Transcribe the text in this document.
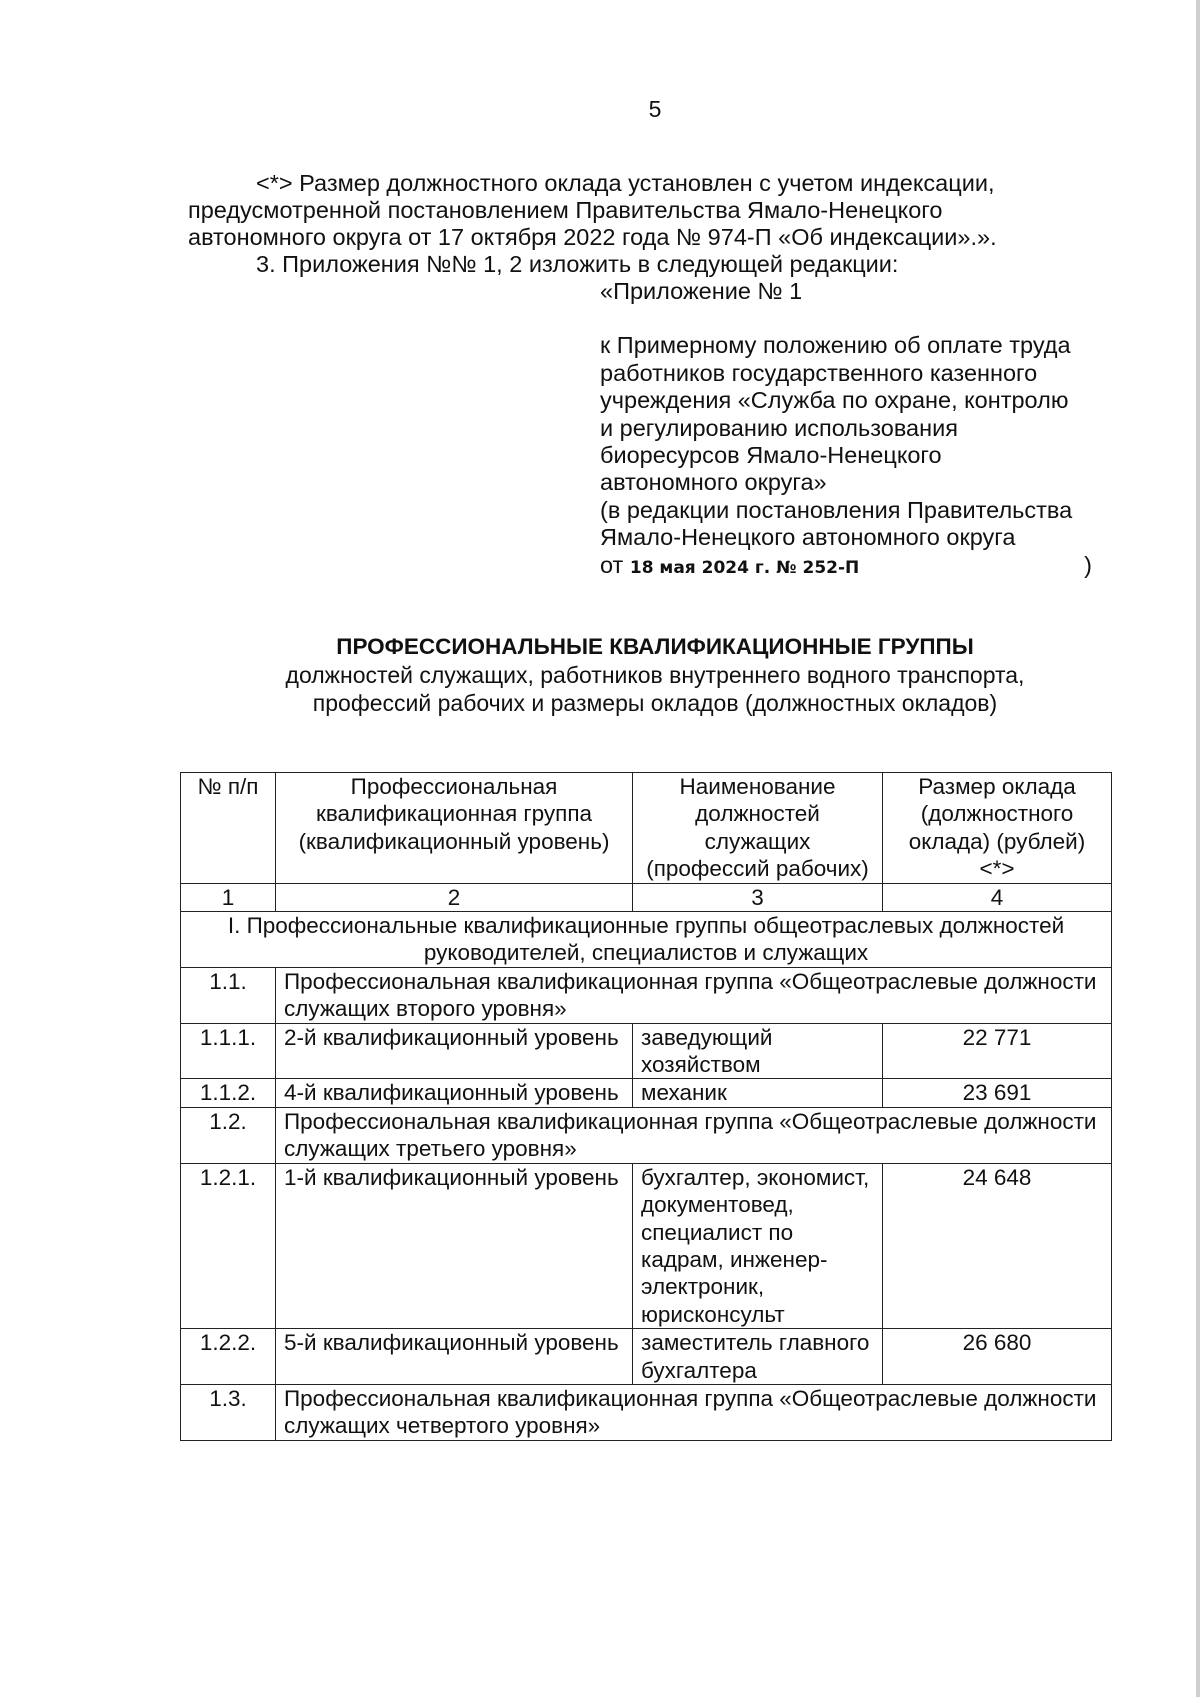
5

<*> Размер должностного оклада установлен с учетом индексации,

предусмотренной постановлением Правительства Ямало-Ненецкого

автономного округа от 17 октября 2022 года № 974-П «Об индексации».».

3. Приложения №№ 1, 2 изложить в следующей редакции:
«Приложение № 1
к Примерному положению об оплате труда
работников государственного казенного
учреждения «Служба по охране, контролю
и регулированию использования
биоресурсов Ямало-Ненецкого
автономного округа»
(в редакции постановления Правительства
Ямало-Ненецкого автономного округа
от 18 мая 2024 г. № 252-П	)
ПРОФЕССИОНАЛЬНЫЕ КВАЛИФИКАЦИОННЫЕ ГРУППЫ
должностей служащих, работников внутреннего водного транспорта,
профессий рабочих и размеры окладов (должностных окладов)
№ п/п	Профессиональная квалификационная группа (квалификационный уровень)	Наименование должностей служащих (профессий рабочих)	Размер оклада (должностного оклада) (рублей) <*>
1	2	3	4
I. Профессиональные квалификационные группы общеотраслевых должностей руководителей, специалистов и служащих			
1.1.	Профессиональная квалификационная группа «Общеотраслевые должности служащих второго уровня»		
1.1.1.	2-й квалификационный уровень	заведующий хозяйством	22 771
1.1.2.	4-й квалификационный уровень	механик	23 691
1.2.	Профессиональная квалификационная группа «Общеотраслевые должности служащих третьего уровня»		
1.2.1.	1-й квалификационный уровень	бухгалтер, экономист, документовед, специалист по кадрам, инженер-электроник, юрисконсульт	24 648
1.2.2.	5-й квалификационный уровень	заместитель главного бухгалтера	26 680
1.3.	Профессиональная квалификационная группа «Общеотраслевые должности служащих четвертого уровня»		
